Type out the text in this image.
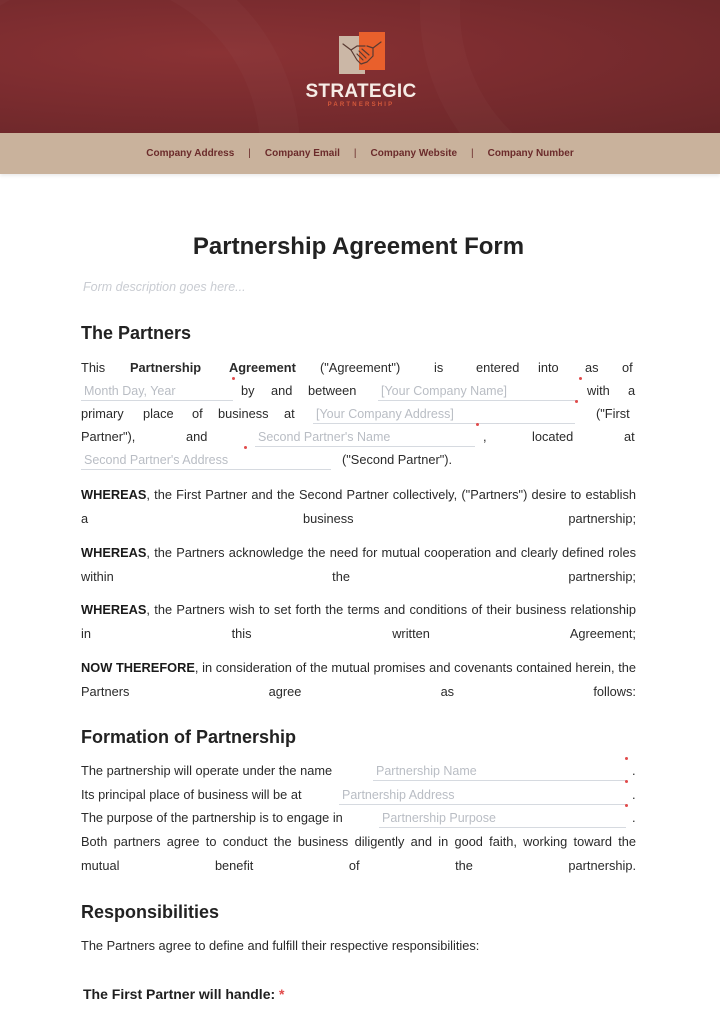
STRATEGIC
PARTNERSHIP
Company Address | Company Email | Company Website | Company Number
Partnership Agreement Form
Form description goes here...
The Partners
This Partnership Agreement ("Agreement")	is	entered into as of
Month Day, Year	by and between [Your Company Name]	with a
primary place of business at [Your Company Address]	("First
Partner"),	and	Second Partner's Name	,	located	at
Second Partner's Address	("Second Partner").
WHEREAS, the First Partner and the Second Partner collectively, ("Partners") desire to establish a business partnership;
WHEREAS, the Partners acknowledge the need for mutual cooperation and clearly defined roles within the partnership;
WHEREAS, the Partners wish to set forth the terms and conditions of their business relationship in this written Agreement;
NOW THEREFORE, in consideration of the mutual promises and covenants contained herein, the Partners agree as follows:
Formation of Partnership
The partnership will operate under the name	Partnership Name	.
Its principal place of business will be at	Partnership Address	.
The purpose of the partnership is to engage in	Partnership Purpose	.
Both partners agree to conduct the business diligently and in good faith, working toward the mutual benefit of the partnership.
Responsibilities
The Partners agree to define and fulfill their respective responsibilities:
The First Partner will handle: *
